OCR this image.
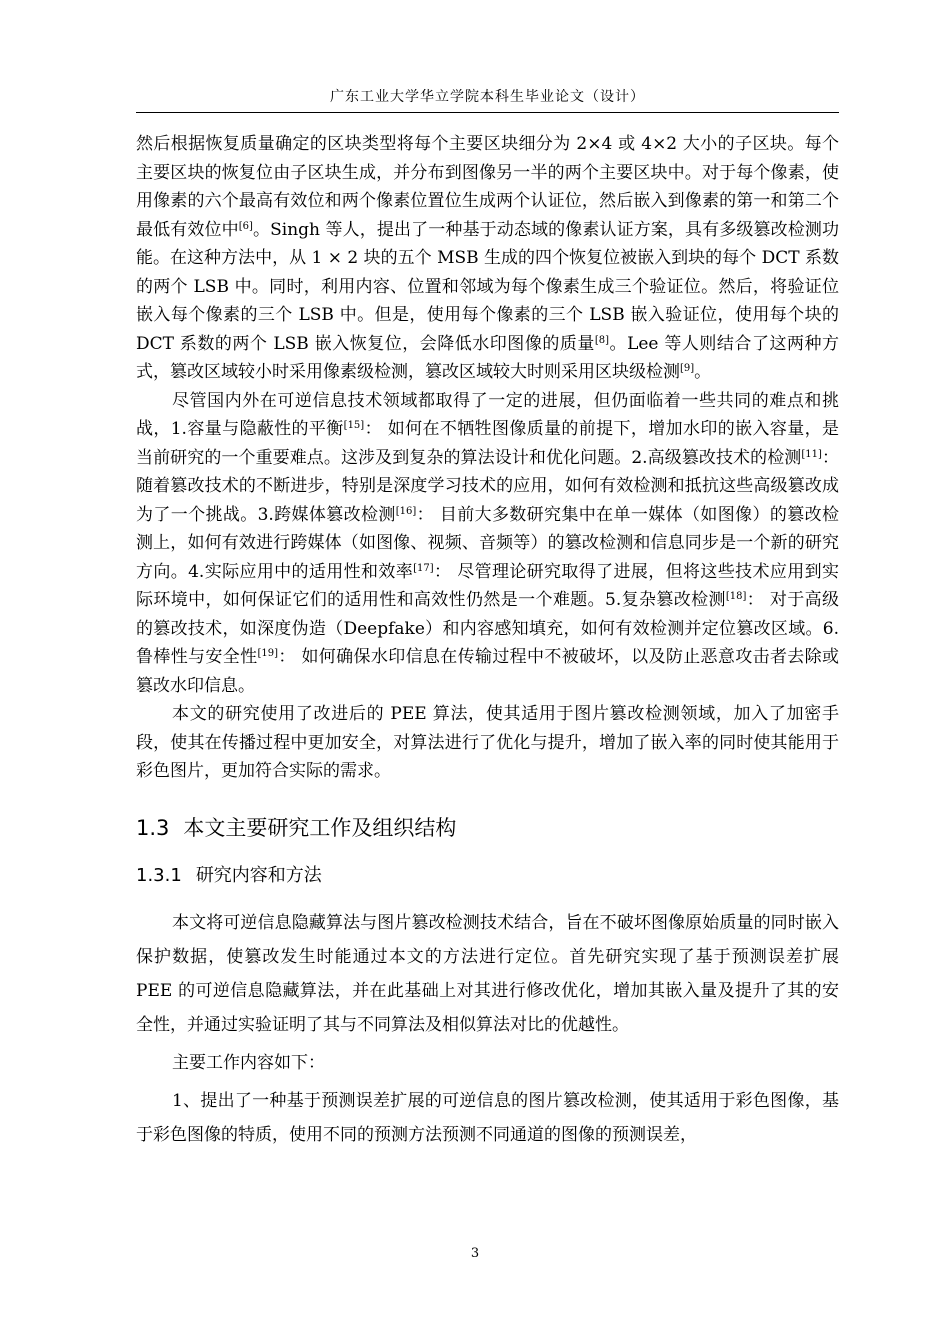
广东工业大学华立学院本科生毕业论文（设计）

然后根据恢复质量确定的区块类型将每个主要区块细分为 2×4 或 4×2 大小的子区块。每个主要区块的恢复位由子区块生成，并分布到图像另一半的两个主要区块中。对于每个像素，使用像素的六个最高有效位和两个像素位置位生成两个认证位，然后嵌入到像素的第一和第二个最低有效位中[6]。Singh 等人，提出了一种基于动态域的像素认证方案，具有多级篡改检测功能。在这种方法中，从 1 × 2 块的五个 MSB 生成的四个恢复位被嵌入到块的每个 DCT 系数的两个 LSB 中。同时，利用内容、位置和邻域为每个像素生成三个验证位。然后，将验证位嵌入每个像素的三个 LSB 中。但是，使用每个像素的三个 LSB 嵌入验证位，使用每个块的 DCT 系数的两个 LSB 嵌入恢复位，会降低水印图像的质量[8]。Lee 等人则结合了这两种方式，篡改区域较小时采用像素级检测，篡改区域较大时则采用区块级检测[9]。

尽管国内外在可逆信息技术领域都取得了一定的进展，但仍面临着一些共同的难点和挑战，1.容量与隐蔽性的平衡[15]： 如何在不牺牲图像质量的前提下，增加水印的嵌入容量，是当前研究的一个重要难点。这涉及到复杂的算法设计和优化问题。2.高级篡改技术的检测[11]： 随着篡改技术的不断进步，特别是深度学习技术的应用，如何有效检测和抵抗这些高级篡改成为了一个挑战。3.跨媒体篡改检测[16]： 目前大多数研究集中在单一媒体（如图像）的篡改检测上，如何有效进行跨媒体（如图像、视频、音频等）的篡改检测和信息同步是一个新的研究方向。4.实际应用中的适用性和效率[17]： 尽管理论研究取得了进展，但将这些技术应用到实际环境中，如何保证它们的适用性和高效性仍然是一个难题。5.复杂篡改检测[18]： 对于高级的篡改技术，如深度伪造（Deepfake）和内容感知填充，如何有效检测并定位篡改区域。6.鲁棒性与安全性[19]： 如何确保水印信息在传输过程中不被破坏，以及防止恶意攻击者去除或篡改水印信息。

本文的研究使用了改进后的 PEE 算法，使其适用于图片篡改检测领域，加入了加密手段，使其在传播过程中更加安全，对算法进行了优化与提升，增加了嵌入率的同时使其能用于彩色图片，更加符合实际的需求。

1.3 本文主要研究工作及组织结构
1.3.1 研究内容和方法

本文将可逆信息隐藏算法与图片篡改检测技术结合，旨在不破坏图像原始质量的同时嵌入保护数据，使篡改发生时能通过本文的方法进行定位。首先研究实现了基于预测误差扩展 PEE 的可逆信息隐藏算法，并在此基础上对其进行修改优化，增加其嵌入量及提升了其的安全性，并通过实验证明了其与不同算法及相似算法对比的优越性。

主要工作内容如下：

1、提出了一种基于预测误差扩展的可逆信息的图片篡改检测，使其适用于彩色图像，基于彩色图像的特质，使用不同的预测方法预测不同通道的图像的预测误差，

3
